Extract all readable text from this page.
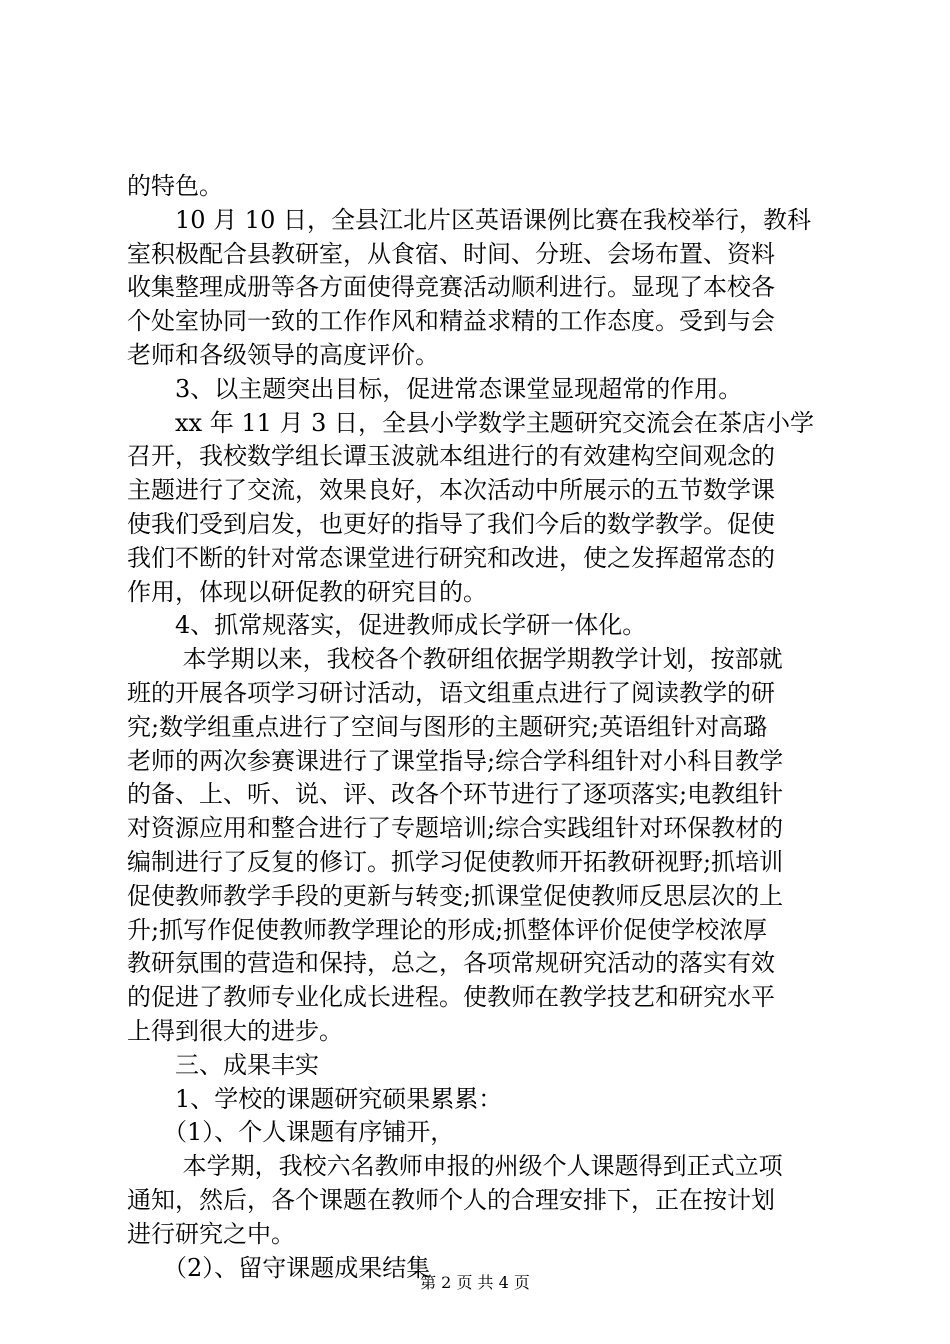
的特色。
　　10 月 10 日，全县江北片区英语课例比赛在我校举行，教科
室积极配合县教研室，从食宿、时间、分班、会场布置、资料
收集整理成册等各方面使得竞赛活动顺利进行。显现了本校各
个处室协同一致的工作作风和精益求精的工作态度。受到与会
老师和各级领导的高度评价。
　　3、以主题突出目标，促进常态课堂显现超常的作用。
　　xx 年 11 月 3 日，全县小学数学主题研究交流会在茶店小学
召开，我校数学组长谭玉波就本组进行的有效建构空间观念的
主题进行了交流，效果良好，本次活动中所展示的五节数学课
使我们受到启发，也更好的指导了我们今后的数学教学。促使
我们不断的针对常态课堂进行研究和改进，使之发挥超常态的
作用，体现以研促教的研究目的。
　　4、抓常规落实，促进教师成长学研一体化。
　　 本学期以来，我校各个教研组依据学期教学计划，按部就
班的开展各项学习研讨活动，语文组重点进行了阅读教学的研
究;数学组重点进行了空间与图形的主题研究;英语组针对高璐
老师的两次参赛课进行了课堂指导;综合学科组针对小科目教学
的备、上、听、说、评、改各个环节进行了逐项落实;电教组针
对资源应用和整合进行了专题培训;综合实践组针对环保教材的
编制进行了反复的修订。抓学习促使教师开拓教研视野;抓培训
促使教师教学手段的更新与转变;抓课堂促使教师反思层次的上
升;抓写作促使教师教学理论的形成;抓整体评价促使学校浓厚
教研氛围的营造和保持，总之，各项常规研究活动的落实有效
的促进了教师专业化成长进程。使教师在教学技艺和研究水平
上得到很大的进步。
　　三、成果丰实
　　1、学校的课题研究硕果累累：
　　（1）、个人课题有序铺开，
　　 本学期，我校六名教师申报的州级个人课题得到正式立项
通知，然后，各个课题在教师个人的合理安排下，正在按计划
进行研究之中。
　　（2）、留守课题成果结集
第 2 页 共 4 页
